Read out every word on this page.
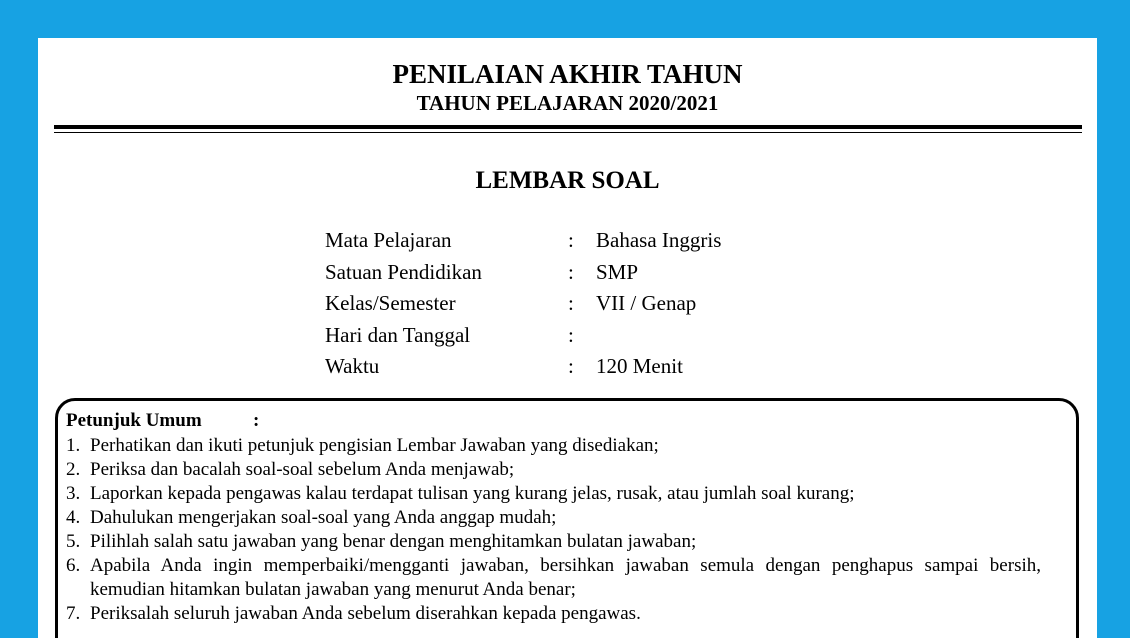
PENILAIAN AKHIR TAHUN
TAHUN PELAJARAN 2020/2021
LEMBAR SOAL
Mata Pelajaran	: Bahasa Inggris
Satuan Pendidikan	: SMP
Kelas/Semester	: VII / Genap
Hari dan Tanggal	:
Waktu	: 120 Menit
Petunjuk Umum	:
1. Perhatikan dan ikuti petunjuk pengisian Lembar Jawaban yang disediakan;
2. Periksa dan bacalah soal-soal sebelum Anda menjawab;
3. Laporkan kepada pengawas kalau terdapat tulisan yang kurang jelas, rusak, atau jumlah soal kurang;
4. Dahulukan mengerjakan soal-soal yang Anda anggap mudah;
5. Pilihlah salah satu jawaban yang benar dengan menghitamkan bulatan jawaban;
6. Apabila Anda ingin memperbaiki/mengganti jawaban, bersihkan jawaban semula dengan penghapus sampai bersih, kemudian hitamkan bulatan jawaban yang menurut Anda benar;
7. Periksalah seluruh jawaban Anda sebelum diserahkan kepada pengawas.
